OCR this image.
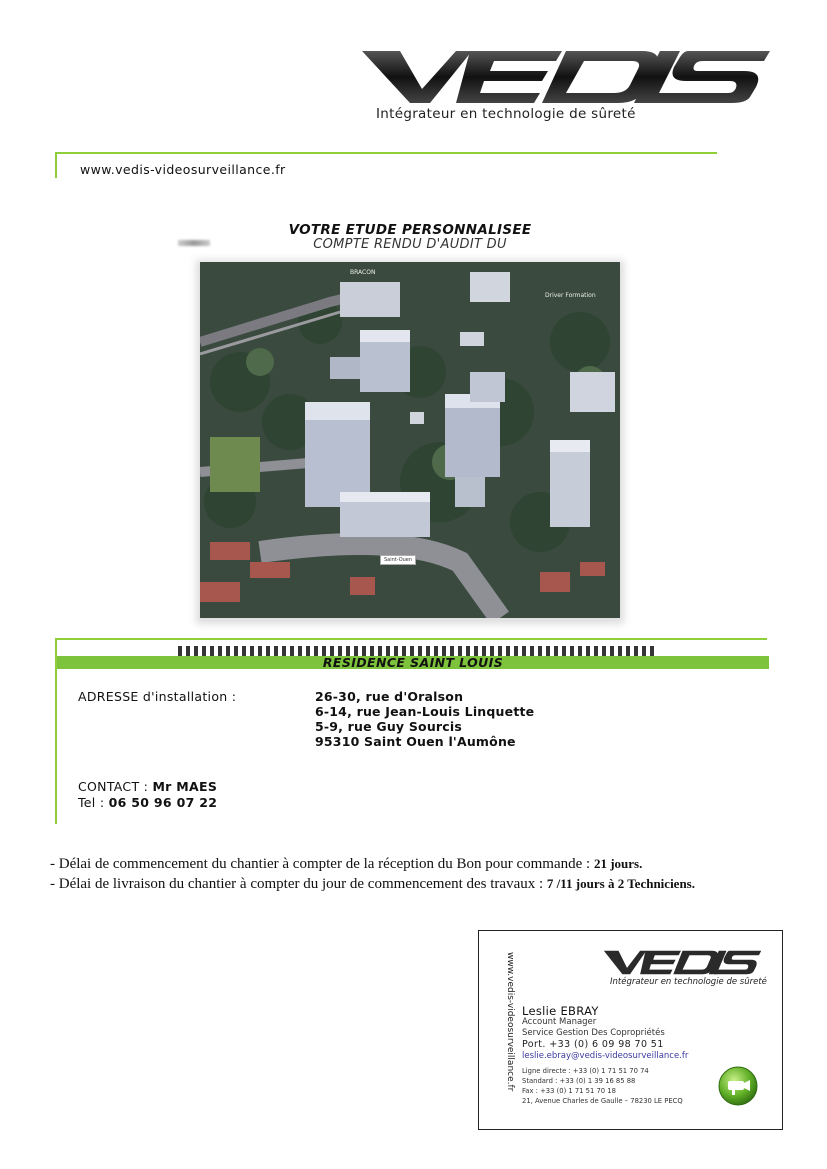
Intégrateur en technologie de sûreté
www.vedis-videosurveillance.fr
VOTRE ETUDE PERSONNALISEE
COMPTE RENDU D'AUDIT DU
BRACON
Driver Formation
Saint-Ouen
RESIDENCE SAINT LOUIS
ADRESSE d'installation :	26-30, rue d'Oralson
6-14, rue Jean-Louis Linquette
5-9, rue Guy Sourcis
95310 Saint Ouen l'Aumône
CONTACT : Mr MAES
Tel : 06 50 96 07 22
- Délai de commencement du chantier à compter de la réception du Bon pour commande : 21 jours.
- Délai de livraison du chantier à compter du jour de commencement des travaux : 7 /11 jours à 2 Techniciens.
www.vedis-videosurveillance.fr	Intégrateur en technologie de sûreté
Leslie EBRAY
Account Manager
Service Gestion Des Copropriétés
Port. +33 (0) 6 09 98 70 51
leslie.ebray@vedis-videosurveillance.fr
Ligne directe : +33 (0) 1 71 51 70 74
Standard : +33 (0) 1 39 16 85 88
Fax : +33 (0) 1 71 51 70 18
21, Avenue Charles de Gaulle – 78230 LE PECQ
